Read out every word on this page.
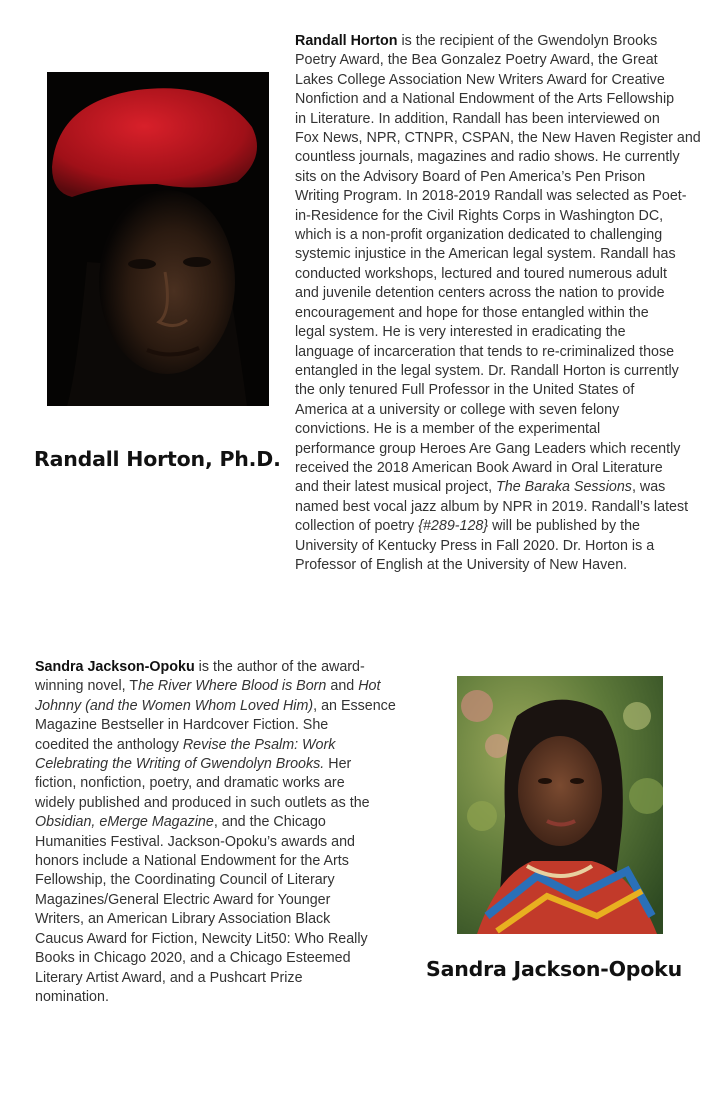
Randall Horton, Ph.D.
Randall Horton is the recipient of the Gwendolyn Brooks
Poetry Award, the Bea Gonzalez Poetry Award, the Great
Lakes College Association New Writers Award for Creative
Nonfiction and a National Endowment of the Arts Fellowship
in Literature. In addition, Randall has been interviewed on
Fox News, NPR, CTNPR, CSPAN, the New Haven Register and
countless journals, magazines and radio shows. He currently
sits on the Advisory Board of Pen America’s Pen Prison
Writing Program. In 2018-2019 Randall was selected as Poet-
in-Residence for the Civil Rights Corps in Washington DC,
which is a non-profit organization dedicated to challenging
systemic injustice in the American legal system. Randall has
conducted workshops, lectured and toured numerous adult
and juvenile detention centers across the nation to provide
encouragement and hope for those entangled within the
legal system. He is very interested in eradicating the
language of incarceration that tends to re-criminalized those
entangled in the legal system. Dr. Randall Horton is currently
the only tenured Full Professor in the United States of
America at a university or college with seven felony
convictions. He is a member of the experimental
performance group Heroes Are Gang Leaders which recently
received the 2018 American Book Award in Oral Literature
and their latest musical project, The Baraka Sessions, was
named best vocal jazz album by NPR in 2019. Randall’s latest
collection of poetry {#289-128} will be published by the
University of Kentucky Press in Fall 2020. Dr. Horton is a
Professor of English at the University of New Haven.
Sandra Jackson-Opoku is the author of the award-
winning novel, The River Where Blood is Born and Hot
Johnny (and the Women Whom Loved Him), an Essence
Magazine Bestseller in Hardcover Fiction. She
coedited the anthology Revise the Psalm: Work
Celebrating the Writing of Gwendolyn Brooks. Her
fiction, nonfiction, poetry, and dramatic works are
widely published and produced in such outlets as the
Obsidian, eMerge Magazine, and the Chicago
Humanities Festival. Jackson-Opoku’s awards and
honors include a National Endowment for the Arts
Fellowship, the Coordinating Council of Literary
Magazines/General Electric Award for Younger
Writers, an American Library Association Black
Caucus Award for Fiction, Newcity Lit50: Who Really
Books in Chicago 2020, and a Chicago Esteemed
Literary Artist Award, and a Pushcart Prize
nomination.
Sandra Jackson-Opoku
